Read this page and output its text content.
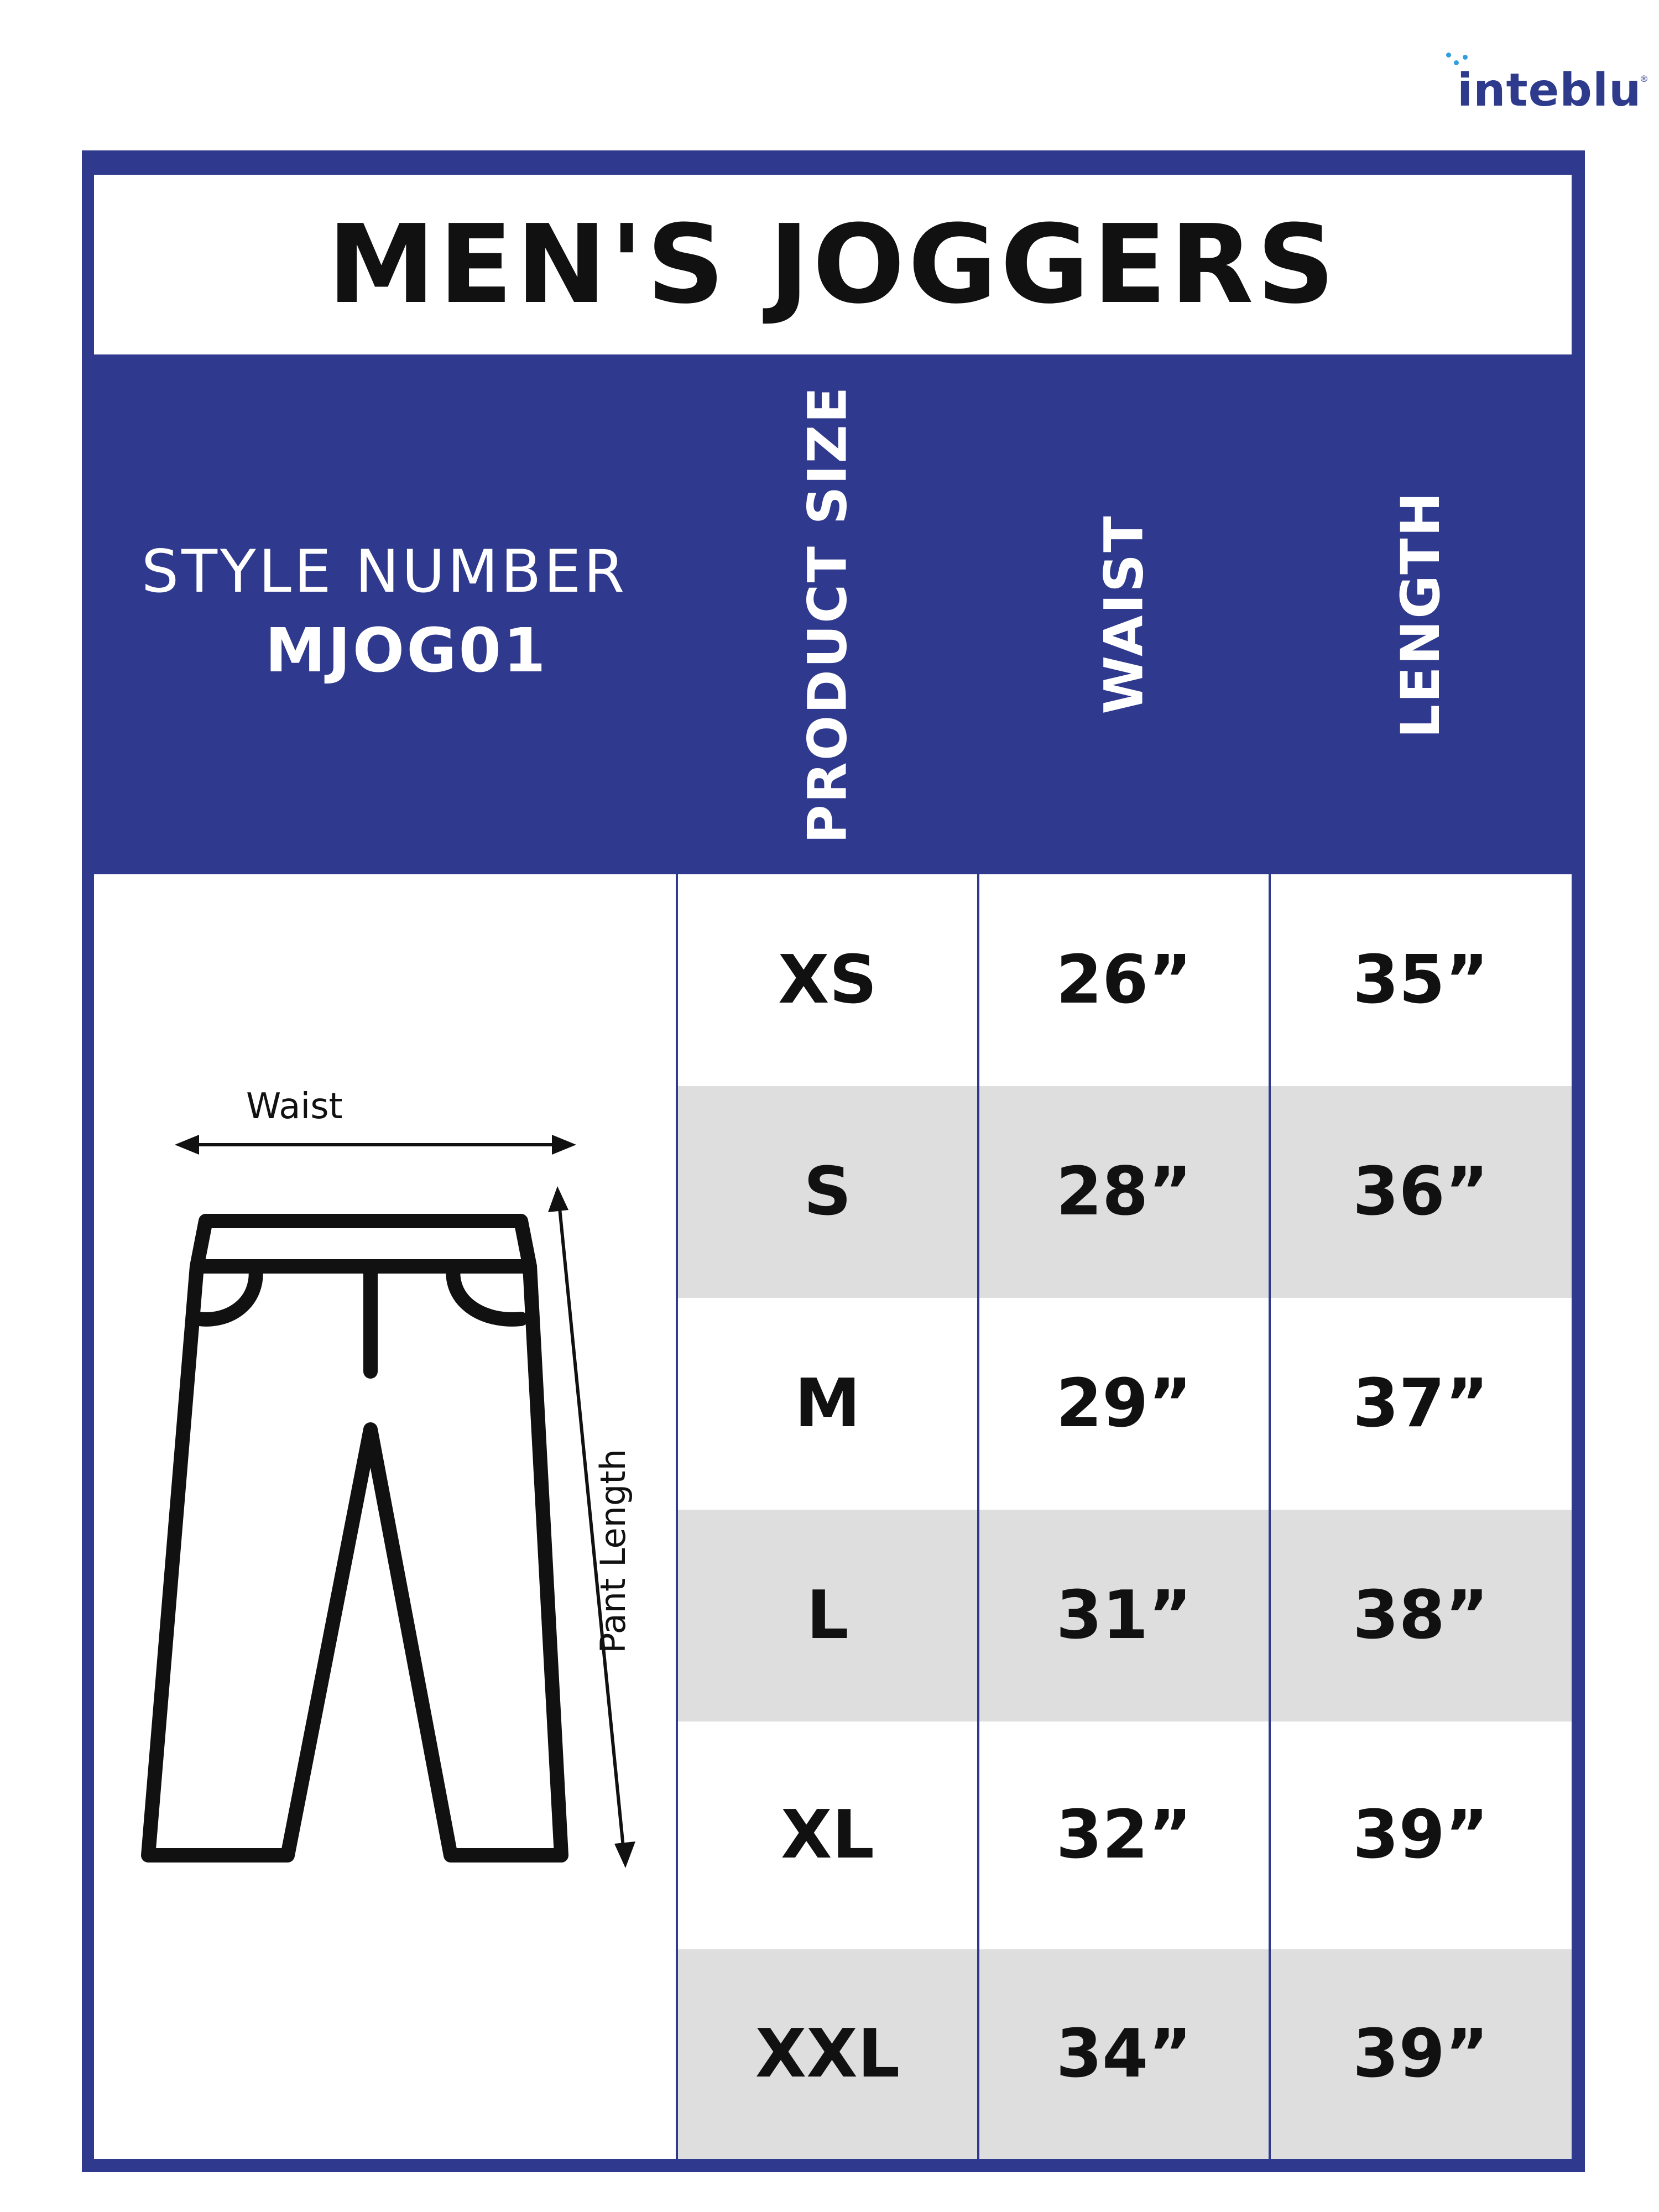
inteblu
®
MEN'S JOGGERS
STYLE NUMBER
MJOG01	PRODUCT SIZE	WAIST	LENGTH
XS	26”	35”
S	28”	36”
M	29”	37”
L	31”	38”
XL	32”	39”
XXL	34”	39”
Waist
Pant Length
